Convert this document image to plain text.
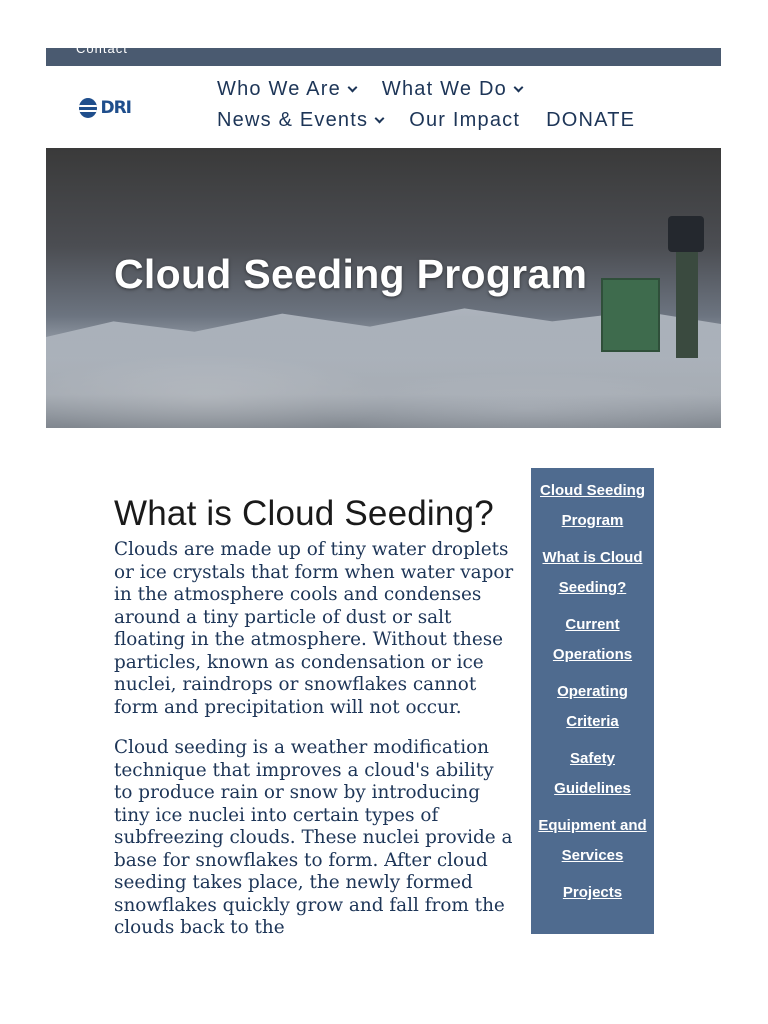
Contact
DRI
Who We Are What We Do
News & Events Our Impact DONATE
Cloud Seeding Program
What is Cloud Seeding?

Clouds are made up of tiny water droplets or ice crystals that form when water vapor in the atmosphere cools and condenses around a tiny particle of dust or salt floating in the atmosphere. Without these particles, known as condensation or ice nuclei, raindrops or snowflakes cannot form and precipitation will not occur.

Cloud seeding is a weather modification technique that improves a cloud's ability to produce rain or snow by introducing tiny ice nuclei into certain types of subfreezing clouds. These nuclei provide a base for snowflakes to form. After cloud seeding takes place, the newly formed snowflakes quickly grow and fall from the clouds back to the

Cloud Seeding Program
What is Cloud Seeding?
Current Operations
Operating Criteria
Safety Guidelines
Equipment and Services
Projects
